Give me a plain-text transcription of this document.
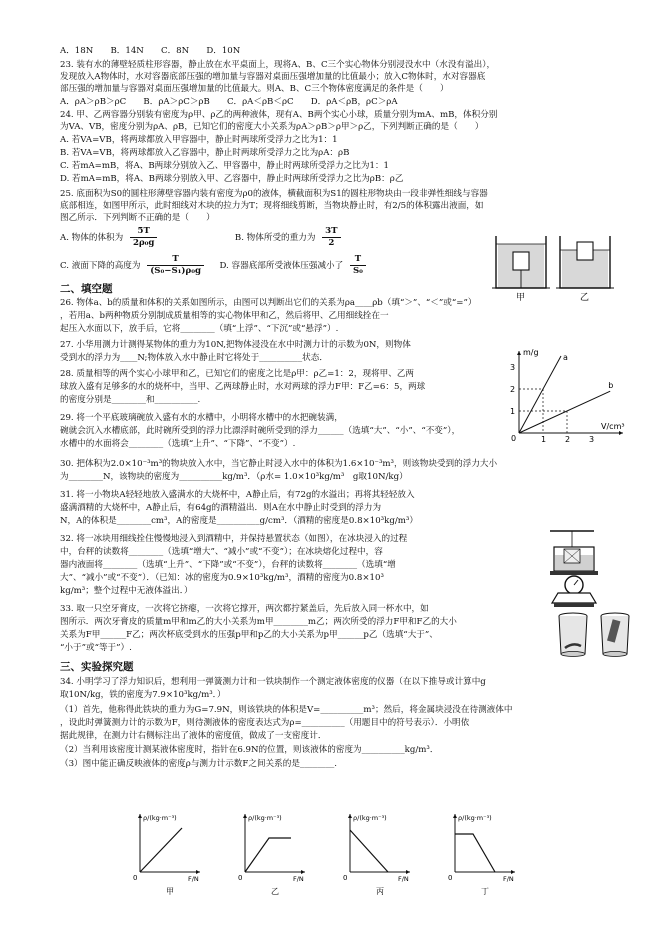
A．18N　　B．14N　　C．8N　　D．10N
23. 装有水的薄壁轻质柱形容器，静止放在水平桌面上，现将A、B、C三个实心物体分别浸没水中（水没有溢出），
发现放入A物体时，水对容器底部压强的增加量与容器对桌面压强增加量的比值最小；放入C物体时，水对容器底
部压强的增加量与容器对桌面压强增加量的比值最大。则A、B、C三个物体密度满足的条件是（　　）
A．ρA＞ρB＞ρC　　B．ρA＞ρC＞ρB　　C．ρA＜ρB＜ρC　　D．ρA＜ρB，ρC＞ρA
24. 甲、乙两容器分别装有密度为ρ甲、ρ乙的两种液体，现有A、B两个实心小球，质量分别为mA、mB，体积分别
为VA、VB，密度分别为ρA、ρB，已知它们的密度大小关系为ρA＞ρB＞ρ甲＞ρ乙，下列判断正确的是（　　）
A. 若VA=VB，将两球都放入甲容器中，静止时两球所受浮力之比为1：1
B. 若VA=VB，将两球都放入乙容器中，静止时两球所受浮力之比为ρA：ρB
C. 若mA=mB，将A、B两球分别放入乙、甲容器中，静止时两球所受浮力之比为1：1
D. 若mA=mB，将A、B两球分别放入甲、乙容器中，静止时两球所受浮力之比为ρB：ρ乙
25. 底面积为S0的圆柱形薄壁容器内装有密度为ρ0的液体，横截面积为S1的圆柱形物块由一段非弹性细线与容器
底部相连，如图甲所示，此时细线对木块的拉力为T；现将细线剪断，当物块静止时，有2/5的体积露出液面，如
图乙所示．下列判断不正确的是（　　）
26. 物体a、b的质量和体积的关系如图所示，由图可以判断出它们的关系为ρa____ρb（填“＞”、“＜”或“=”）
，若用a、b两种物质分别制成质量相等的实心物体甲和乙，然后将甲、乙用细线拴在一
起压入水面以下，放手后，它将________（填“上浮”、“下沉”或“悬浮”）.
27. 小华用测力计测得某物体的重力为10N,把物体浸没在水中时测力计的示数为0N，则物体
受到水的浮力为____N;物体放入水中静止时它将处于__________状态．
28. 质量相等的两个实心小球甲和乙，已知它们的密度之比是ρ甲：ρ乙=1：2，现将甲、乙两
球放入盛有足够多的水的烧杯中，当甲、乙两球静止时，水对两球的浮力F甲：F乙=6：5，两球
的密度分别是________和__________.
29. 将一个平底玻璃碗放入盛有水的水槽中，小明将水槽中的水把碗装满，
碗就会沉入水槽底部，此时碗所受到的浮力比漂浮时碗所受到的浮力______（选填“大”、“小”、“不变”），
水槽中的水面将会________（选填“上升”、“下降”、“不变”）.
30. 把体积为2.0×10⁻³m³的物块放入水中，当它静止时浸入水中的体积为1.6×10⁻³m³，则该物块受到的浮力大小
为________N，该物块的密度为__________kg/m³．（ρ水= 1.0×10³kg/m³　g取10N/kg）
31. 将一小物块A轻轻地放入盛满水的大烧杯中，A静止后，有72g的水溢出；再将其轻轻放入
盛满酒精的大烧杯中，A静止后，有64g的酒精溢出．则A在水中静止时受到的浮力为
N，A的体积是________cm³，A的密度是__________g/cm³．（酒精的密度是0.8×10³kg/m³）
32. 将一冰块用细线拴住慢慢地浸入到酒精中，并保持悬置状态（如图），在冰块浸入的过程
中，台秤的读数将________（选填“增大”、“减小”或“不变”）；在冰块熔化过程中，容
器内液面将________（选填“上升”、“下降”或“不变”），台秤的读数将________（选填“增
大”、“减小”或“不变”）．（已知：冰的密度为0.9×10³kg/m³，酒精的密度为0.8×10³
kg/m³；整个过程中无液体溢出．）
33. 取一只空牙膏皮，一次将它挤瘪，一次将它撑开，两次都拧紧盖后，先后放入同一杯水中，如
图所示．两次牙膏皮的质量m甲和m乙的大小关系为m甲________m乙；两次所受的浮力F甲和F乙的大小
关系为F甲______F乙；两次杯底受到水的压强p甲和p乙的大小关系为p甲______p乙（选填“大于”、
“小于”或“等于”）.
34. 小明学习了浮力知识后，想利用一弹簧测力计和一铁块制作一个测定液体密度的仪器（在以下推导或计算中g
取10N/kg，铁的密度为7.9×10³kg/m³．）
（1）首先，他称得此铁块的重力为G=7.9N，则该铁块的体积是V=__________m³；然后，将金属块浸没在待测液体中
，设此时弹簧测力计的示数为F，则待测液体的密度表达式为ρ=__________（用题目中的符号表示）．小明依
据此规律，在测力计右侧标注出了液体的密度值，做成了一支密度计．
（2）当利用该密度计测某液体密度时，指针在6.9N的位置，则该液体的密度为__________kg/m³．
（3）图中能正确反映液体的密度ρ与测力计示数F之间关系的是________.
二、填空题
三、实验探究题
A. 物体的体积为 $\frac{5T}{\text{2ρ₀g}}$	B. 物体所受的重力为 $\frac{3T}{2}$
C. 液面下降的高度为 $\frac{T}{\text{(S₀−S₁)ρ₀g}} D$. 容器底部所受液体压强减小了 $\frac{T}{\text{S₀}}$
甲	乙
m/g
V/cm³
0
1
2
3
1 2 3
a
b
ρ/(kg·m⁻³)
F/N
0
甲
ρ/(kg·m⁻³)
F/N
0
乙
ρ/(kg·m⁻³)
F/N
0
丙
ρ/(kg·m⁻³)
F/N
0
丁
